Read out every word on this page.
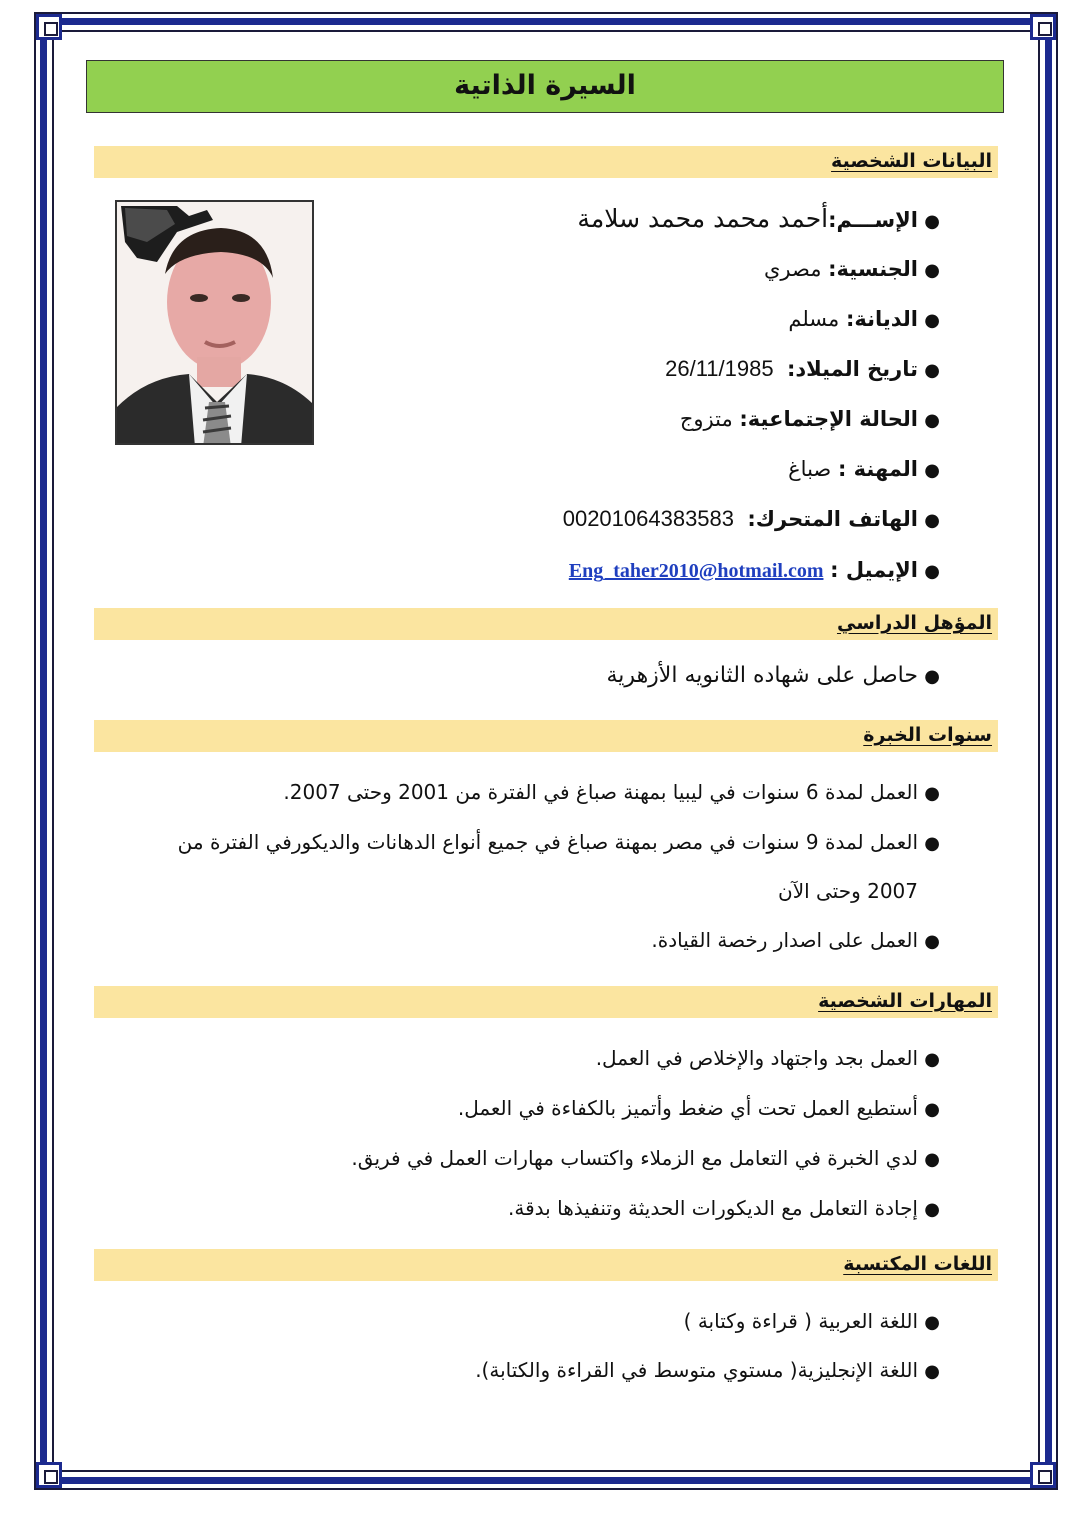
السيرة الذاتية
البيانات الشخصية
●الإســـم:أحمد محمد محمد سلامة
●الجنسية: مصري
●الديانة: مسلم
●تاريخ الميلاد:  26/11/1985
●الحالة الإجتماعية: متزوج
●المهنة : صباغ
●الهاتف المتحرك:  00201064383583
●الإيميل : Eng_taher2010@hotmail.com
المؤهل الدراسي
●حاصل على شهاده الثانويه الأزهرية
سنوات الخبرة
●العمل لمدة 6 سنوات في ليبيا بمهنة صباغ في الفترة من 2001 وحتى 2007.
●العمل لمدة 9 سنوات في مصر بمهنة صباغ في جميع أنواع الدهانات والديكورفي الفترة من
2007 وحتى الآن
●العمل على اصدار رخصة القيادة.
المهارات الشخصية
●العمل بجد واجتهاد والإخلاص في العمل.
●أستطيع العمل تحت أي ضغط وأتميز بالكفاءة في العمل.
●لدي الخبرة في التعامل مع الزملاء واكتساب مهارات العمل في فريق.
●إجادة التعامل مع الديكورات الحديثة وتنفيذها بدقة.
اللغات المكتسبة
●اللغة العربية ( قراءة وكتابة )
●اللغة الإنجليزية( مستوي متوسط في القراءة والكتابة).
